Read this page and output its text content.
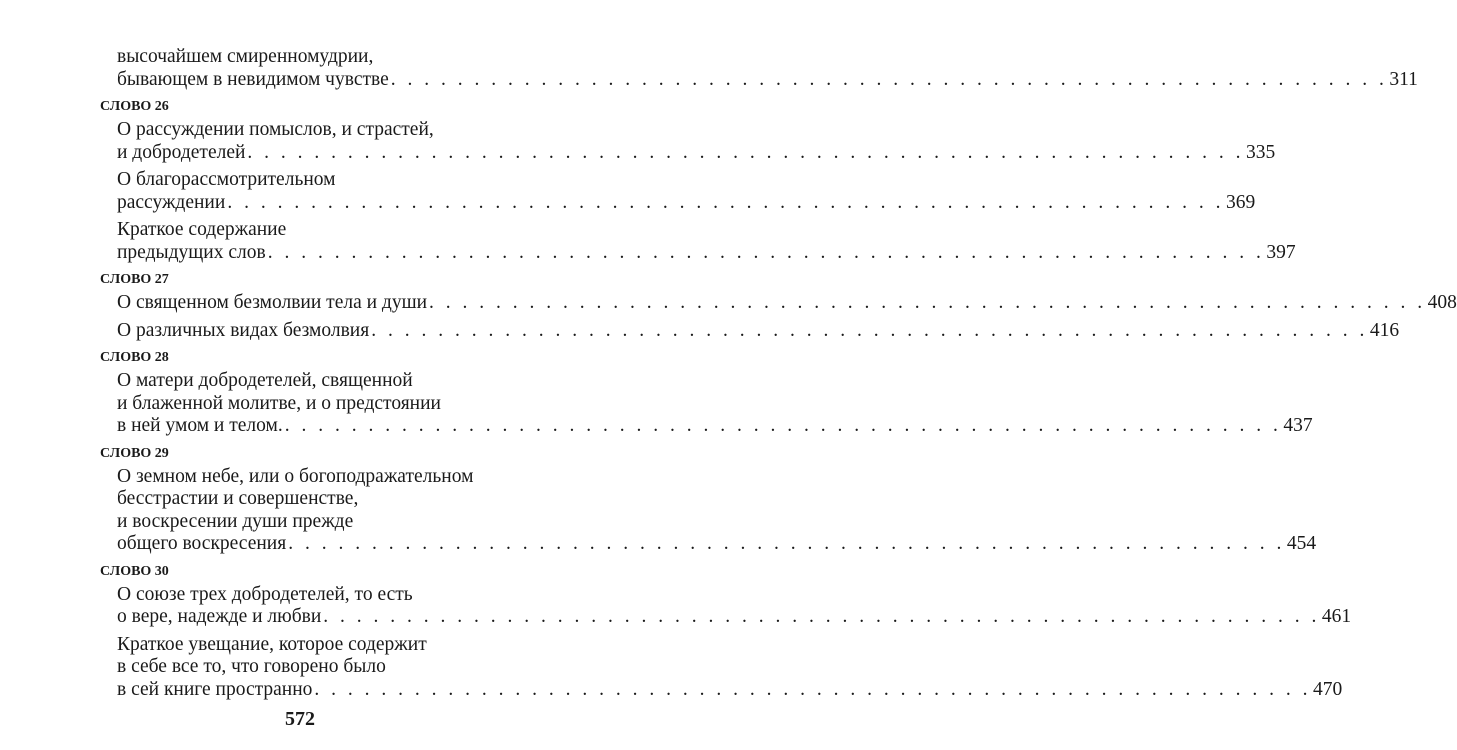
высочайшем смиренномудрии,
бывающем в невидимом чувстве . . . . . . . . . . . . . . . . . . . . . . . . . . . . . . . . . . . . . . . . . . . . . . . . . . . . . . . . . . . . 311
СЛОВО 26
О рассуждении помыслов, и страстей,
и добродетелей . . . . . . . . . . . . . . . . . . . . . . . . . . . . . . . . . . . . . . . . . . . . . . . . . . . . . . . . . . . . 335
О благорассмотрительном
рассуждении . . . . . . . . . . . . . . . . . . . . . . . . . . . . . . . . . . . . . . . . . . . . . . . . . . . . . . . . . . . . 369
Краткое содержание
предыдущих слов . . . . . . . . . . . . . . . . . . . . . . . . . . . . . . . . . . . . . . . . . . . . . . . . . . . . . . . . . . . . 397
СЛОВО 27
О священном безмолвии тела и души . . . . . . . . . . . . . . . . . . . . . . . . . . . . . . . . . . . . . . . . . . . . . . . . . . . . . . . . . . . . 408
О различных видах безмолвия . . . . . . . . . . . . . . . . . . . . . . . . . . . . . . . . . . . . . . . . . . . . . . . . . . . . . . . . . . . . 416
СЛОВО 28
О матери добродетелей, священной
и блаженной молитве, и о предстоянии
в ней умом и телом. . . . . . . . . . . . . . . . . . . . . . . . . . . . . . . . . . . . . . . . . . . . . . . . . . . . . . . . . . . . . 437
СЛОВО 29
О земном небе, или о богоподражательном
бесстрастии и совершенстве,
и воскресении души прежде
общего воскресения . . . . . . . . . . . . . . . . . . . . . . . . . . . . . . . . . . . . . . . . . . . . . . . . . . . . . . . . . . . . 454
СЛОВО 30
О союзе трех добродетелей, то есть
о вере, надежде и любви . . . . . . . . . . . . . . . . . . . . . . . . . . . . . . . . . . . . . . . . . . . . . . . . . . . . . . . . . . . . 461
Краткое увещание, которое содержит
в себе все то, что говорено было
в сей книге пространно . . . . . . . . . . . . . . . . . . . . . . . . . . . . . . . . . . . . . . . . . . . . . . . . . . . . . . . . . . . . 470
572
